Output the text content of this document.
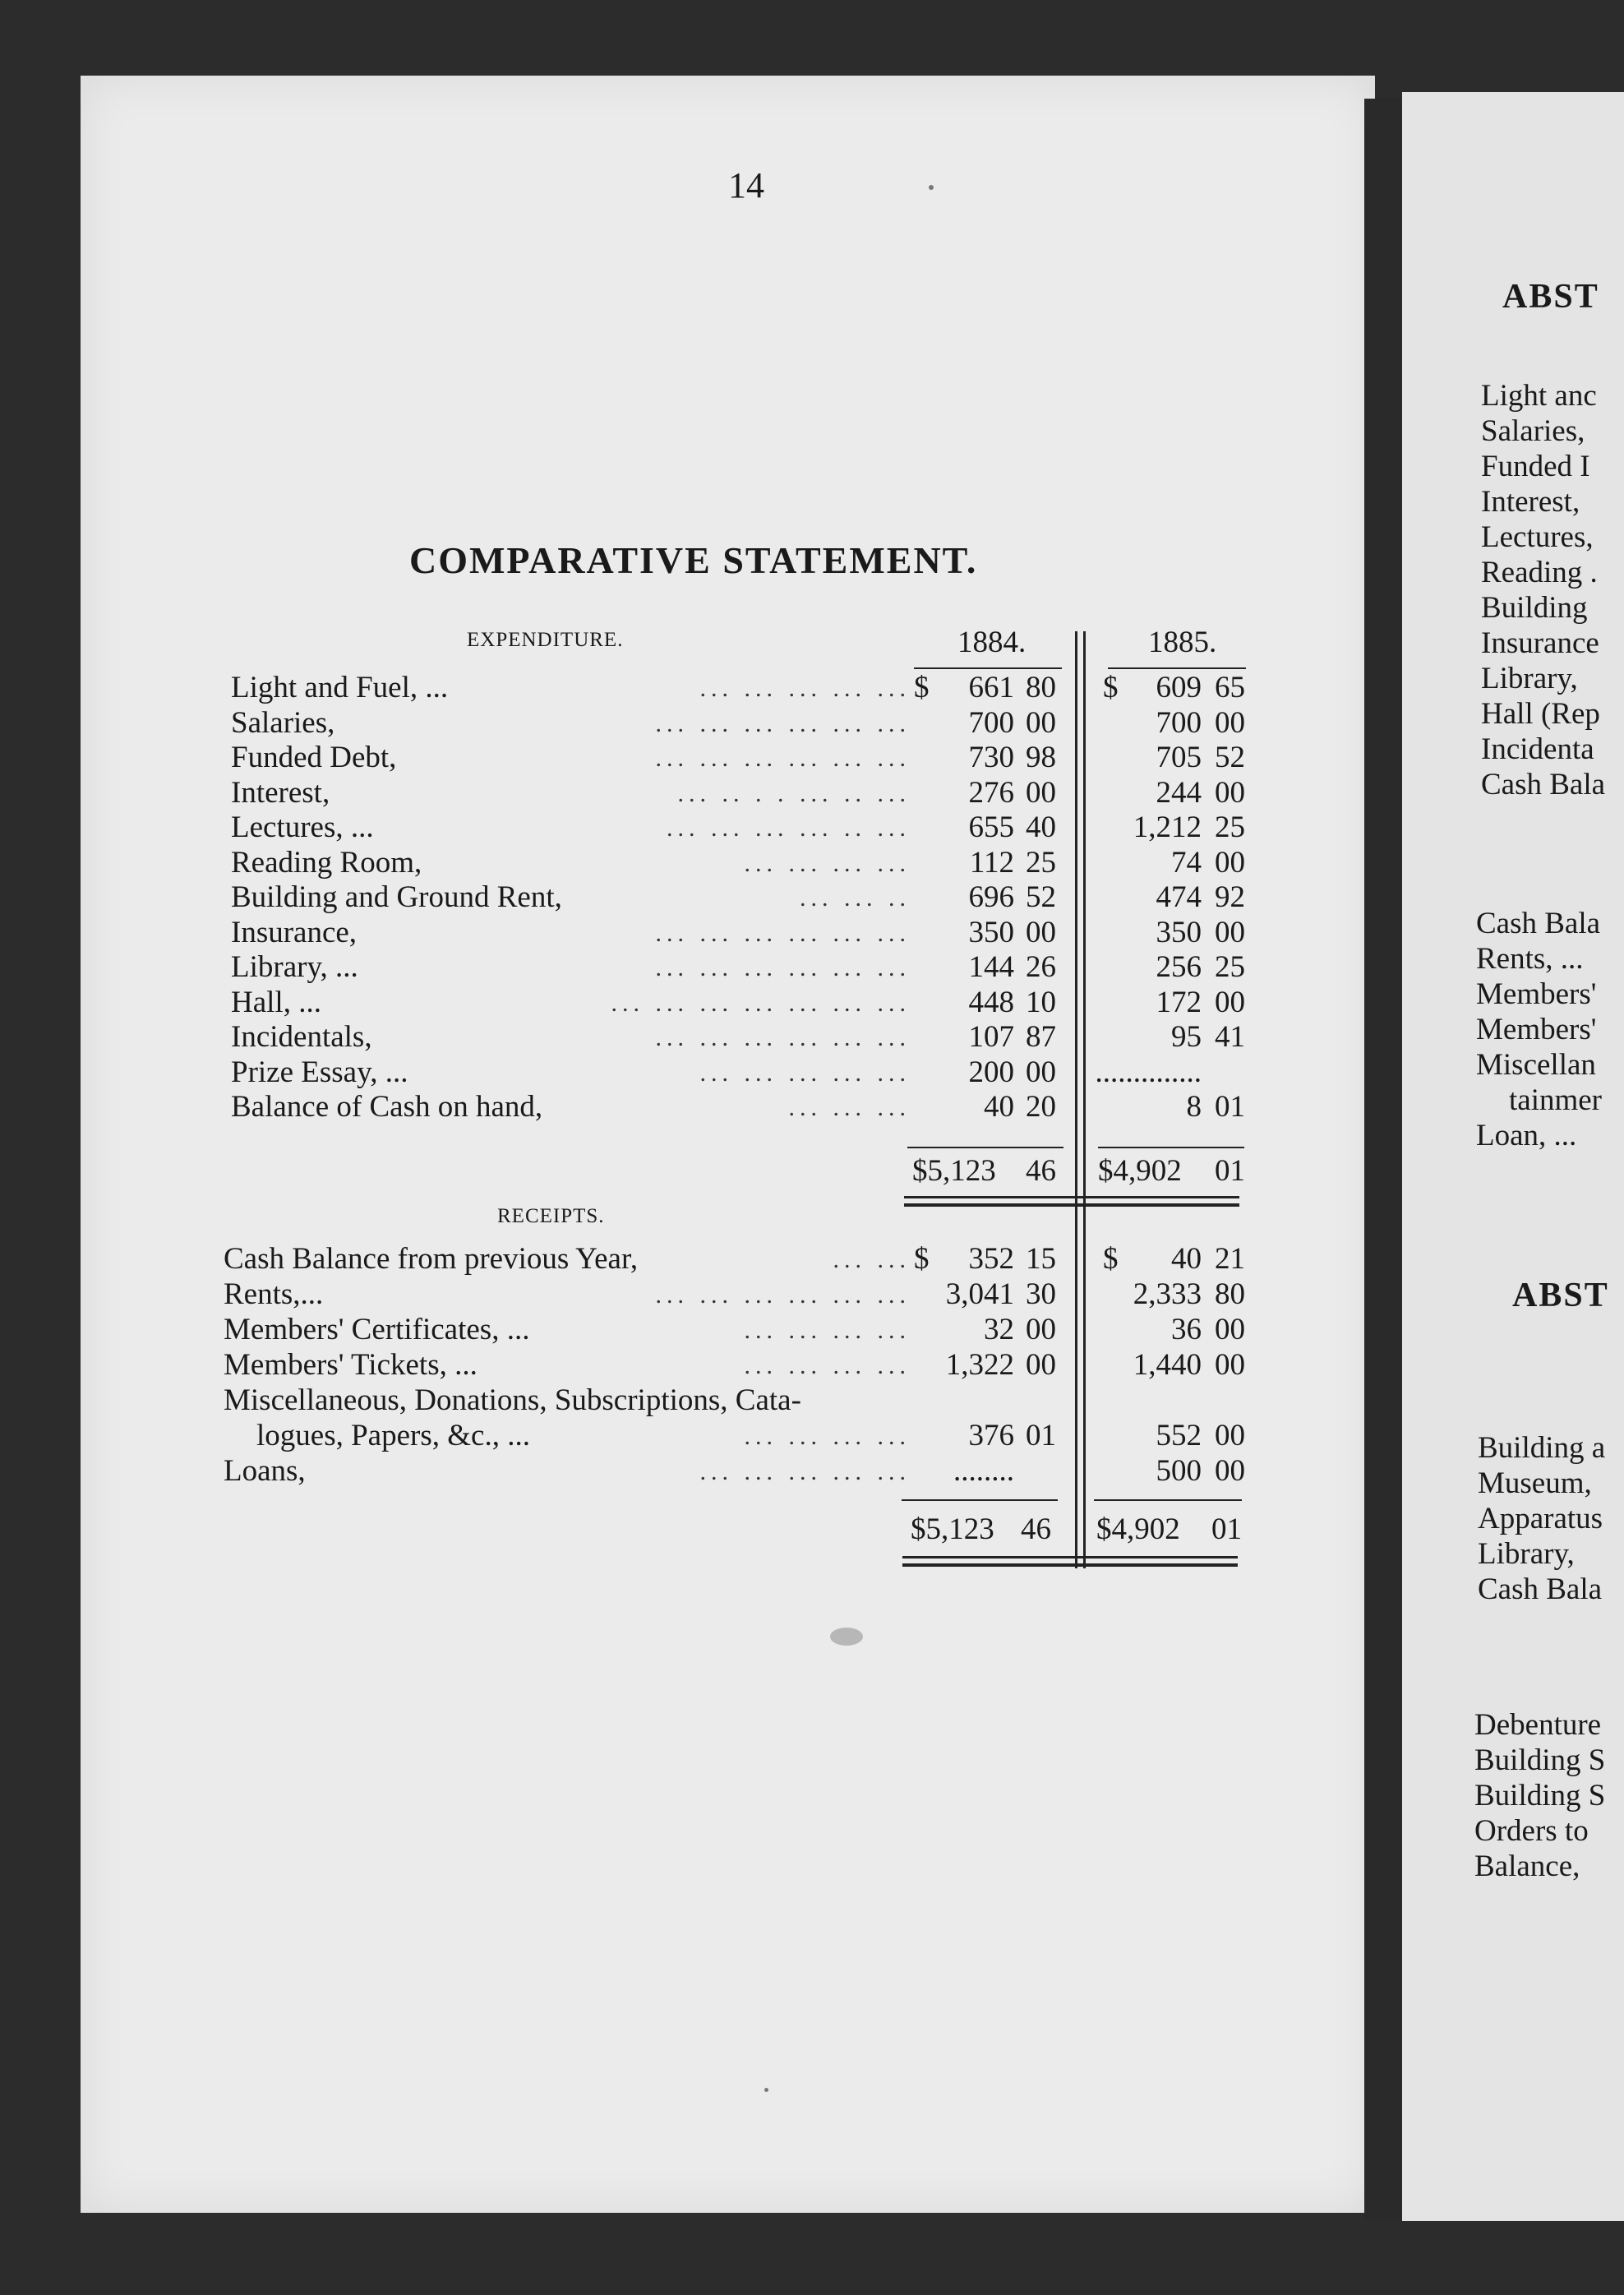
ABST
Light anc
Salaries,
Funded I
Interest,
Lectures,
Reading .
Building
Insurance
Library,
Hall (Rep
Incidenta
Cash Bala
Cash Bala
Rents, ...
Members'
Members'
Miscellan
tainmer
Loan, ...
ABST
Building a
Museum,
Apparatus
Library,
Cash Bala
Debenture
Building S
Building S
Orders to
Balance,
14
COMPARATIVE STATEMENT.
EXPENDITURE.	1884.	1885.
Light and Fuel, ...	... ... ... ... ... $ 661 80 $ 609 65
Salaries,	... ... ... ... ... ... 700 00	700 00
Funded Debt,	... ... ... ... ... ... 730 98	705 52
Interest,	... .. . . ... .. ... 276 00	244 00
Lectures, ...	... ... ... ... .. ... 655 40	1,212 25
Reading Room,	... ... ... ... 112 25	74 00
Building and Ground Rent,	... ... .. 696 52	474 92
Insurance,	... ... ... ... ... ... 350 00	350 00
Library, ...	... ... ... ... ... ... 144 26	256 25
Hall, ...	... ... ... ... ... ... ... 448 10	172 00
Incidentals,	... ... ... ... ... ... 107 87	95 41
Prize Essay, ...	... ... ... ... ... 200 00 ..............
Balance of Cash on hand,	... ... ... 40 20	8 01
$5,123 46 $4,902 01
RECEIPTS.
Cash Balance from previous Year,	... ... $ 352 15 $ 40 21
Rents,...	... ... ... ... ... ... 3,041 30	2,333 80
Members' Certificates, ...	... ... ... ... 32 00	36 00
Members' Tickets, ...	... ... ... ... 1,322 00	1,440 00
Miscellaneous, Donations, Subscriptions, Cata-
logues, Papers, &c., ...	... ... ... ... 376 01	552 00
Loans,	... ... ... ... ... ........	500 00
$5,123 46 $4,902 01
